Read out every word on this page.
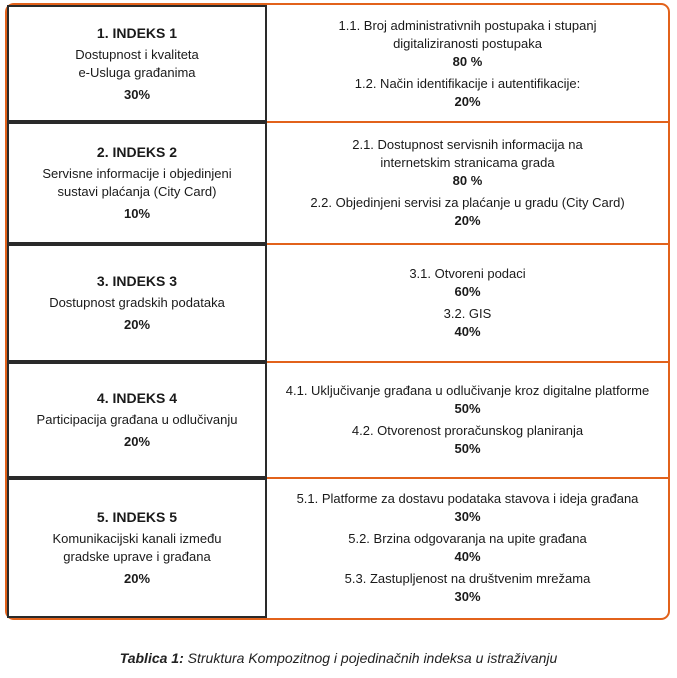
1. INDEKS 1
Dostupnost i kvaliteta
e-Usluga građanima
30%
1.1. Broj administrativnih postupaka i stupanj
digitaliziranosti postupaka
80 %
1.2. Način identifikacije i autentifikacije:
20%
2. INDEKS 2
Servisne informacije i objedinjeni
sustavi plaćanja (City Card)
10%
2.1. Dostupnost servisnih informacija na
internetskim stranicama grada
80 %
2.2. Objedinjeni servisi za plaćanje u gradu (City Card)
20%
3. INDEKS 3
Dostupnost gradskih podataka
20%
3.1. Otvoreni podaci
60%
3.2. GIS
40%
4. INDEKS 4
Participacija građana u odlučivanju
20%
4.1. Uključivanje građana u odlučivanje kroz digitalne platforme
50%
4.2. Otvorenost proračunskog planiranja
50%
5. INDEKS 5
Komunikacijski kanali između
gradske uprave i građana
20%
5.1. Platforme za dostavu podataka stavova i ideja građana
30%
5.2. Brzina odgovaranja na upite građana
40%
5.3. Zastupljenost na društvenim mrežama
30%
Tablica 1: Struktura Kompozitnog i pojedinačnih indeksa u istraživanju
